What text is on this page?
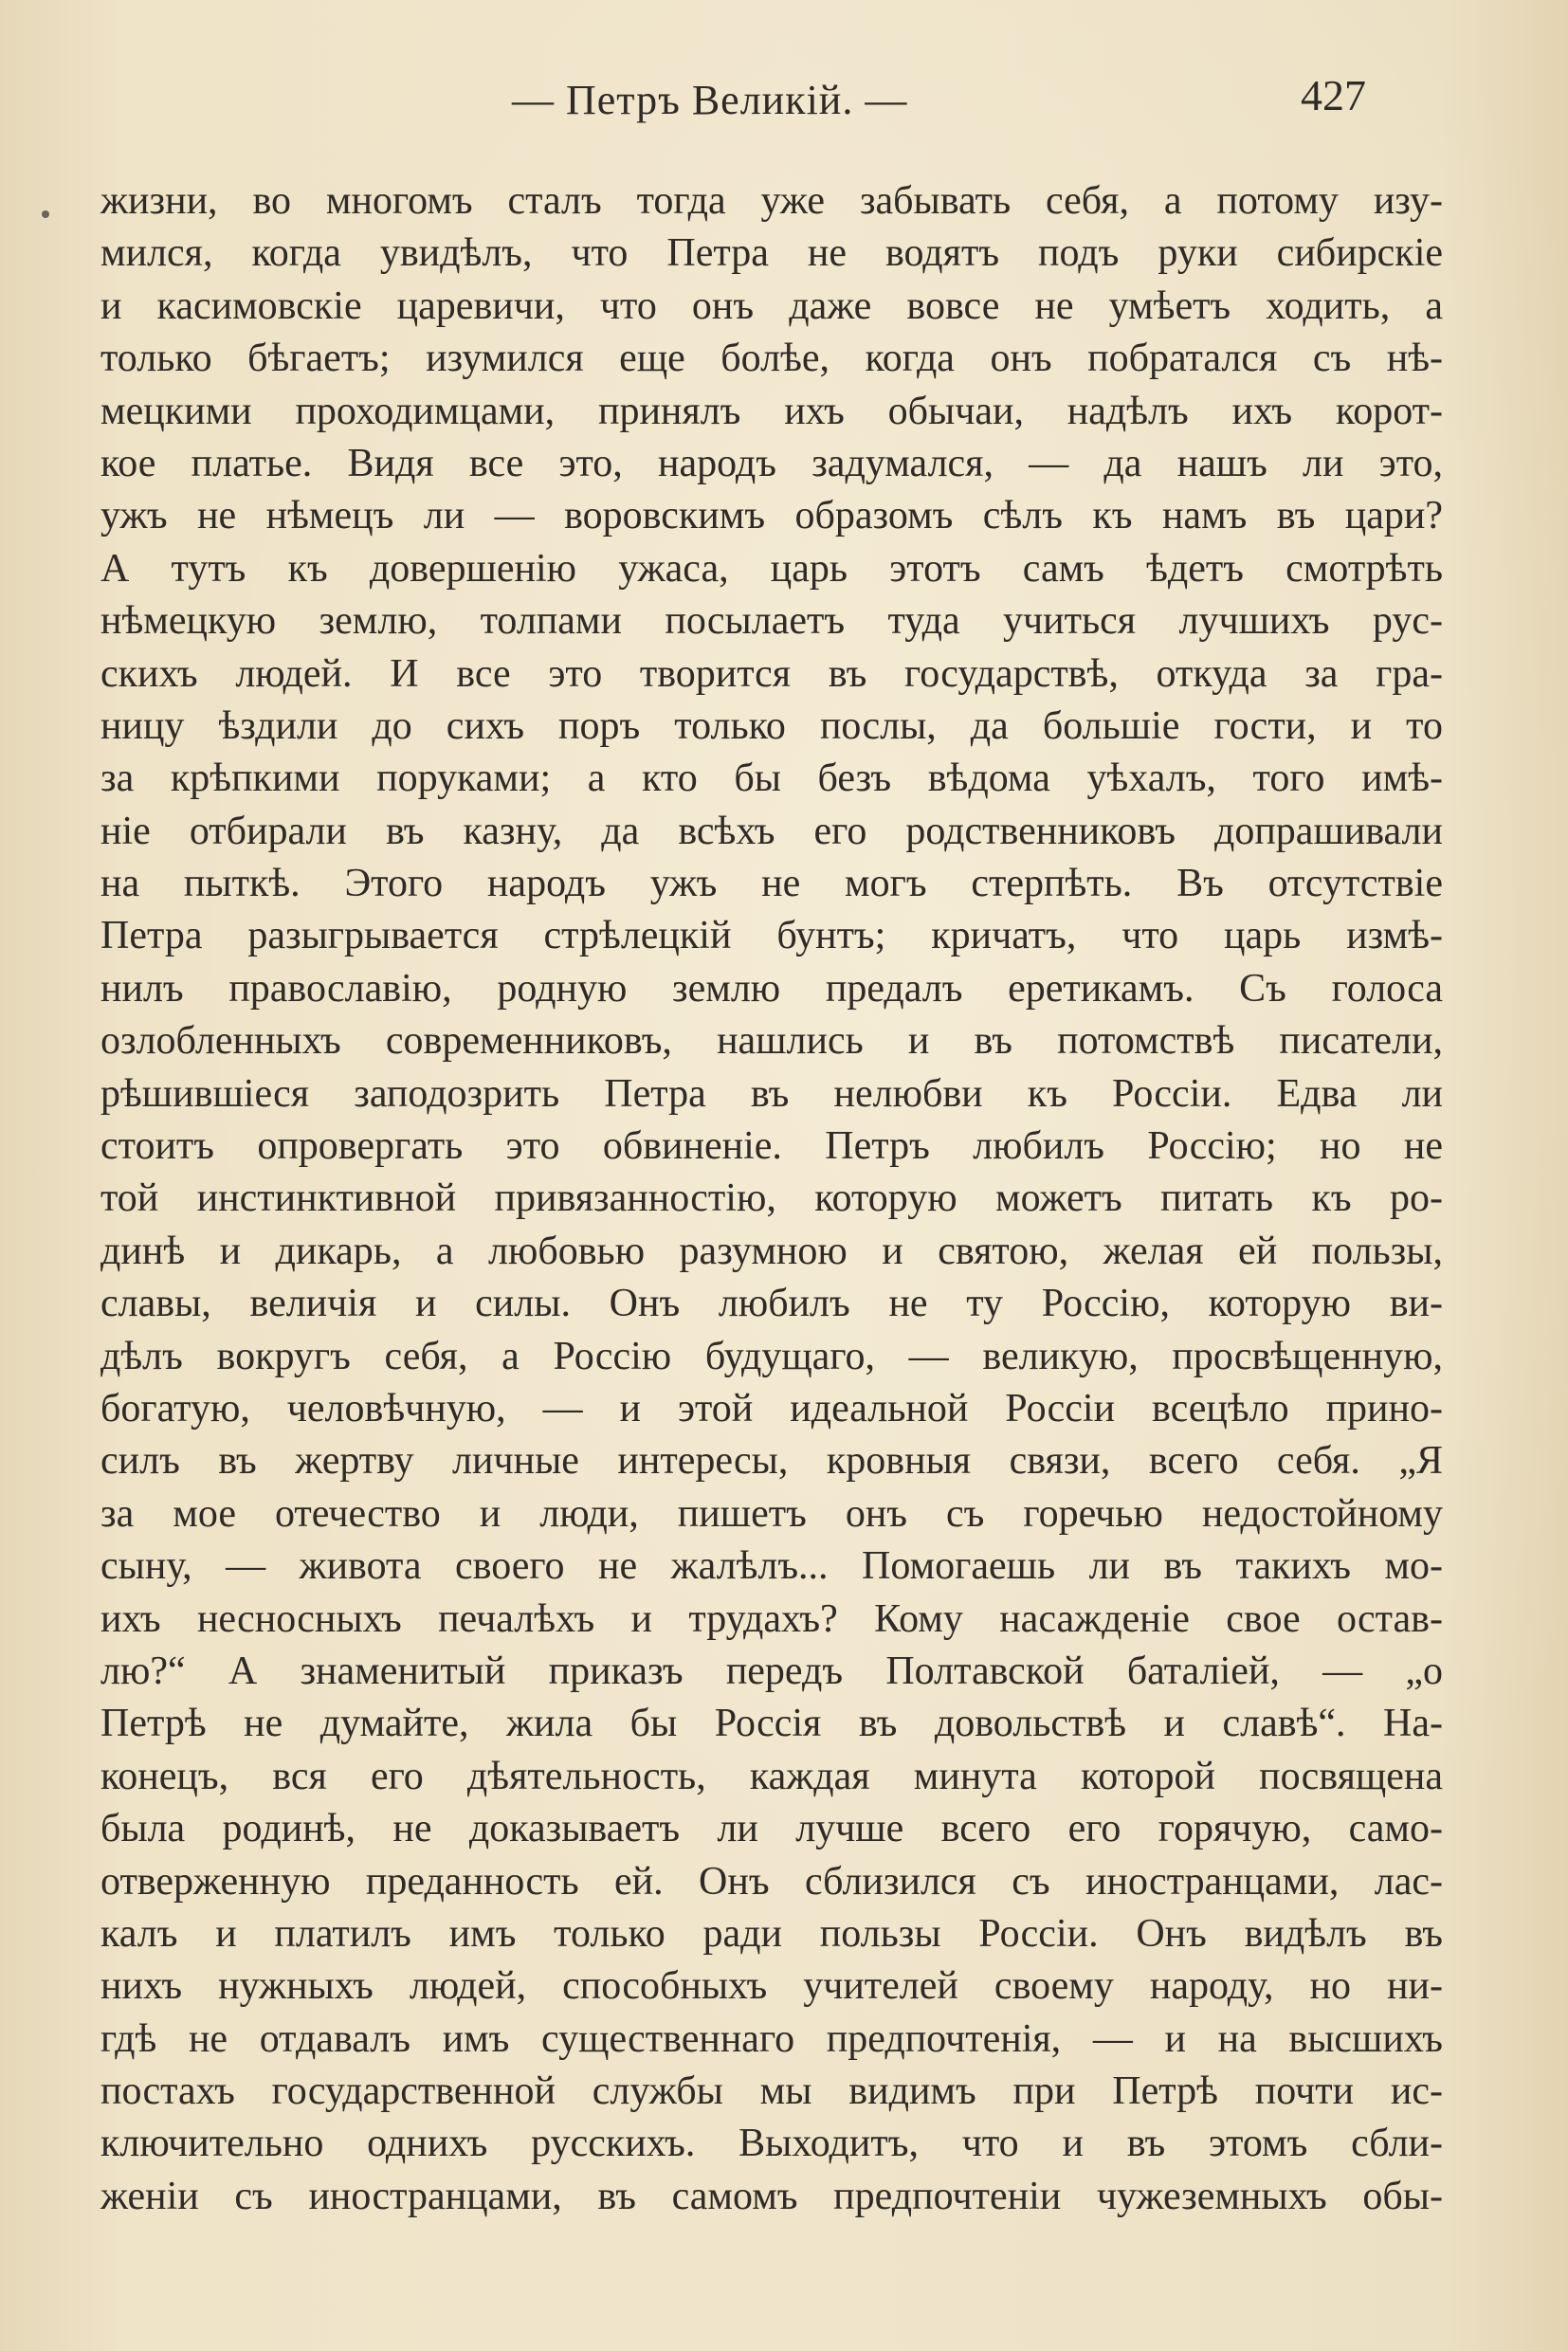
— Петръ Великій. —	427
жизни, во многомъ сталъ тогда уже забывать себя, а потому изу-
мился, когда увидѣлъ, что Петра не водятъ подъ руки сибирскіе
и касимовскіе царевичи, что онъ даже вовсе не умѣетъ ходить, а
только бѣгаетъ; изумился еще болѣе, когда онъ побратался съ нѣ-
мецкими проходимцами, принялъ ихъ обычаи, надѣлъ ихъ корот-
кое платье. Видя все это, народъ задумался, — да нашъ ли это,
ужъ не нѣмецъ ли — воровскимъ образомъ сѣлъ къ намъ въ цари?
А тутъ къ довершенію ужаса, царь этотъ самъ ѣдетъ смотрѣть
нѣмецкую землю, толпами посылаетъ туда учиться лучшихъ рус-
скихъ людей. И все это творится въ государствѣ, откуда за гра-
ницу ѣздили до сихъ поръ только послы, да большіе гости, и то
за крѣпкими поруками; а кто бы безъ вѣдома уѣхалъ, того имѣ-
ніе отбирали въ казну, да всѣхъ его родственниковъ допрашивали
на пыткѣ. Этого народъ ужъ не могъ стерпѣть. Въ отсутствіе
Петра разыгрывается стрѣлецкій бунтъ; кричатъ, что царь измѣ-
нилъ православію, родную землю предалъ еретикамъ. Съ голоса
озлобленныхъ современниковъ, нашлись и въ потомствѣ писатели,
рѣшившіеся заподозрить Петра въ нелюбви къ Россіи. Едва ли
стоитъ опровергать это обвиненіе. Петръ любилъ Россію; но не
той инстинктивной привязанностію, которую можетъ питать къ ро-
динѣ и дикарь, а любовью разумною и святою, желая ей пользы,
славы, величія и силы. Онъ любилъ не ту Россію, которую ви-
дѣлъ вокругъ себя, а Россію будущаго, — великую, просвѣщенную,
богатую, человѣчную, — и этой идеальной Россіи всецѣло прино-
силъ въ жертву личные интересы, кровныя связи, всего себя. „Я
за мое отечество и люди, пишетъ онъ съ горечью недостойному
сыну, — живота своего не жалѣлъ... Помогаешь ли въ такихъ мо-
ихъ несносныхъ печалѣхъ и трудахъ? Кому насажденіе свое остав-
лю?“ А знаменитый приказъ передъ Полтавской баталіей, — „о
Петрѣ не думайте, жила бы Россія въ довольствѣ и славѣ“. На-
конецъ, вся его дѣятельность, каждая минута которой посвящена
была родинѣ, не доказываетъ ли лучше всего его горячую, само-
отверженную преданность ей. Онъ сблизился съ иностранцами, лас-
калъ и платилъ имъ только ради пользы Россіи. Онъ видѣлъ въ
нихъ нужныхъ людей, способныхъ учителей своему народу, но ни-
гдѣ не отдавалъ имъ существеннаго предпочтенія, — и на высшихъ
постахъ государственной службы мы видимъ при Петрѣ почти ис-
ключительно однихъ русскихъ. Выходитъ, что и въ этомъ сбли-
женіи съ иностранцами, въ самомъ предпочтеніи чужеземныхъ обы-
